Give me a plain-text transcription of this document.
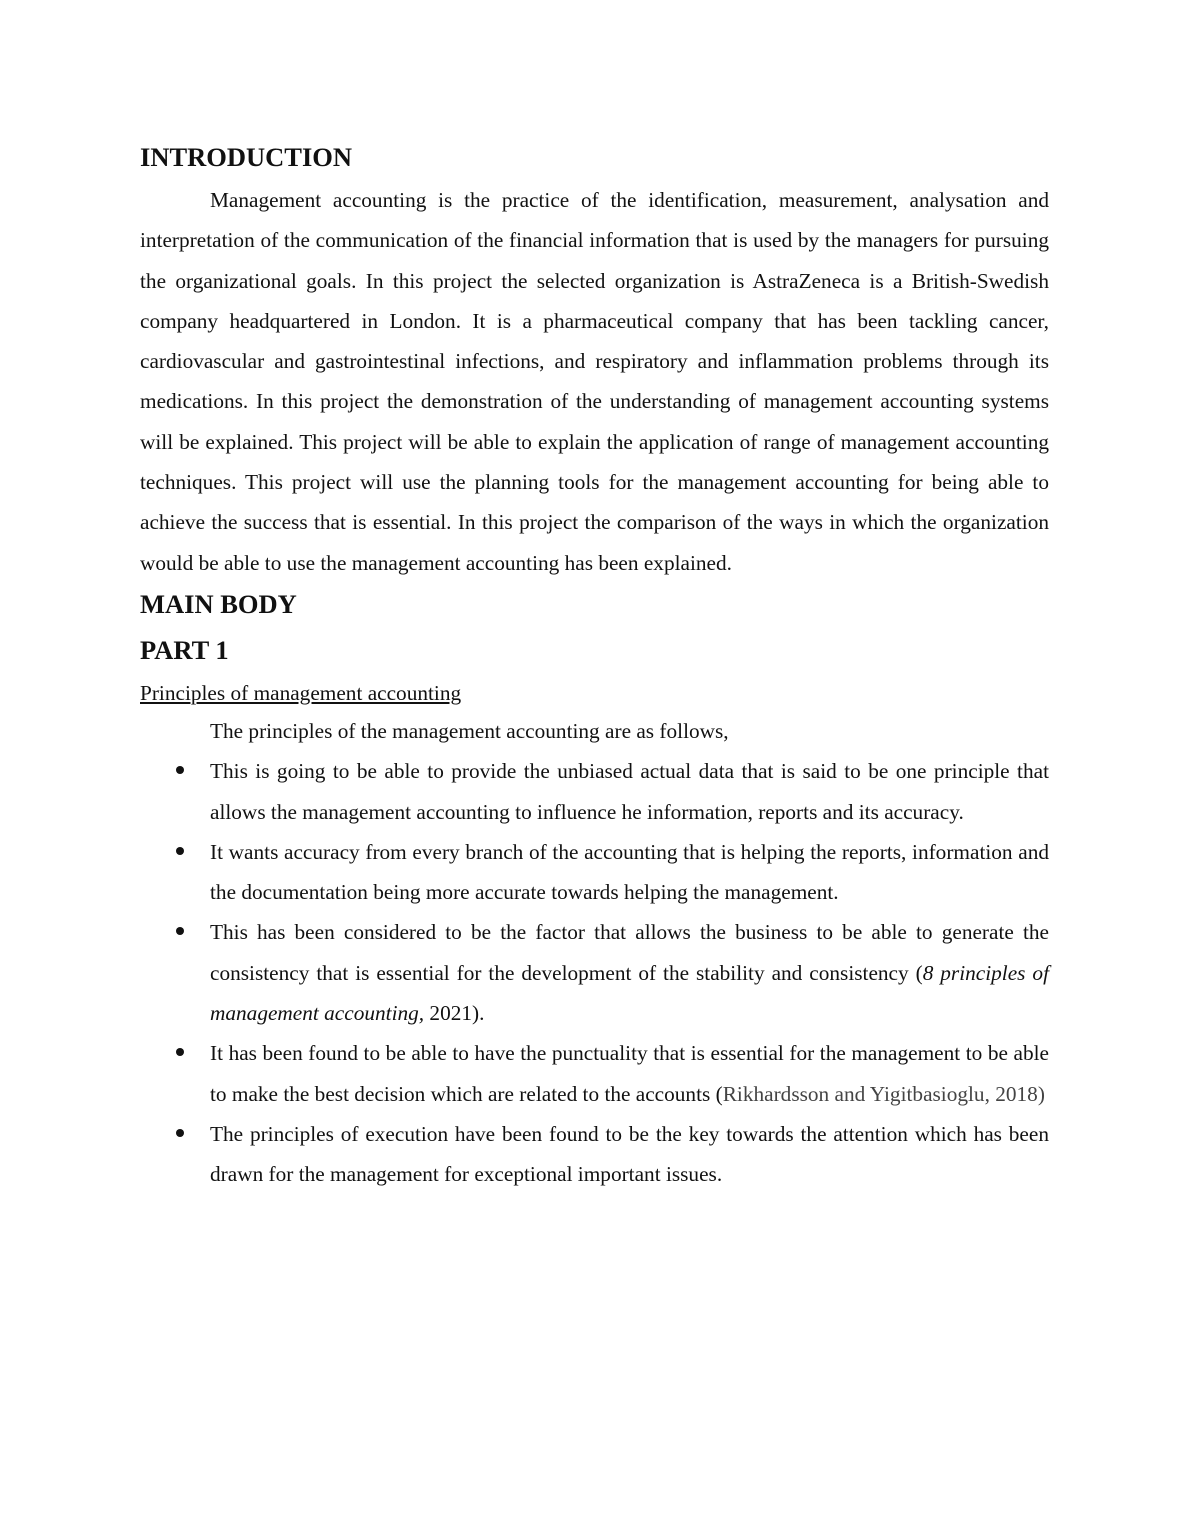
INTRODUCTION

Management accounting is the practice of the identification, measurement, analysation and interpretation of the communication of the financial information that is used by the managers for pursuing the organizational goals. In this project the selected organization is AstraZeneca is a British-Swedish company headquartered in London. It is a pharmaceutical company that has been tackling cancer, cardiovascular and gastrointestinal infections, and respiratory and inflammation problems through its medications. In this project the demonstration of the understanding of management accounting systems will be explained. This project will be able to explain the application of range of management accounting techniques. This project will use the planning tools for the management accounting for being able to achieve the success that is essential. In this project the comparison of the ways in which the organization would be able to use the management accounting has been explained.

MAIN BODY
PART 1

Principles of management accounting

The principles of the management accounting are as follows,

This is going to be able to provide the unbiased actual data that is said to be one principle that allows the management accounting to influence he information, reports and its accuracy.
It wants accuracy from every branch of the accounting that is helping the reports, information and the documentation being more accurate towards helping the management.
This has been considered to be the factor that allows the business to be able to generate the consistency that is essential for the development of the stability and consistency (8 principles of management accounting, 2021).
It has been found to be able to have the punctuality that is essential for the management to be able to make the best decision which are related to the accounts (Rikhardsson and Yigitbasioglu, 2018)
The principles of execution have been found to be the key towards the attention which has been drawn for the management for exceptional important issues.
